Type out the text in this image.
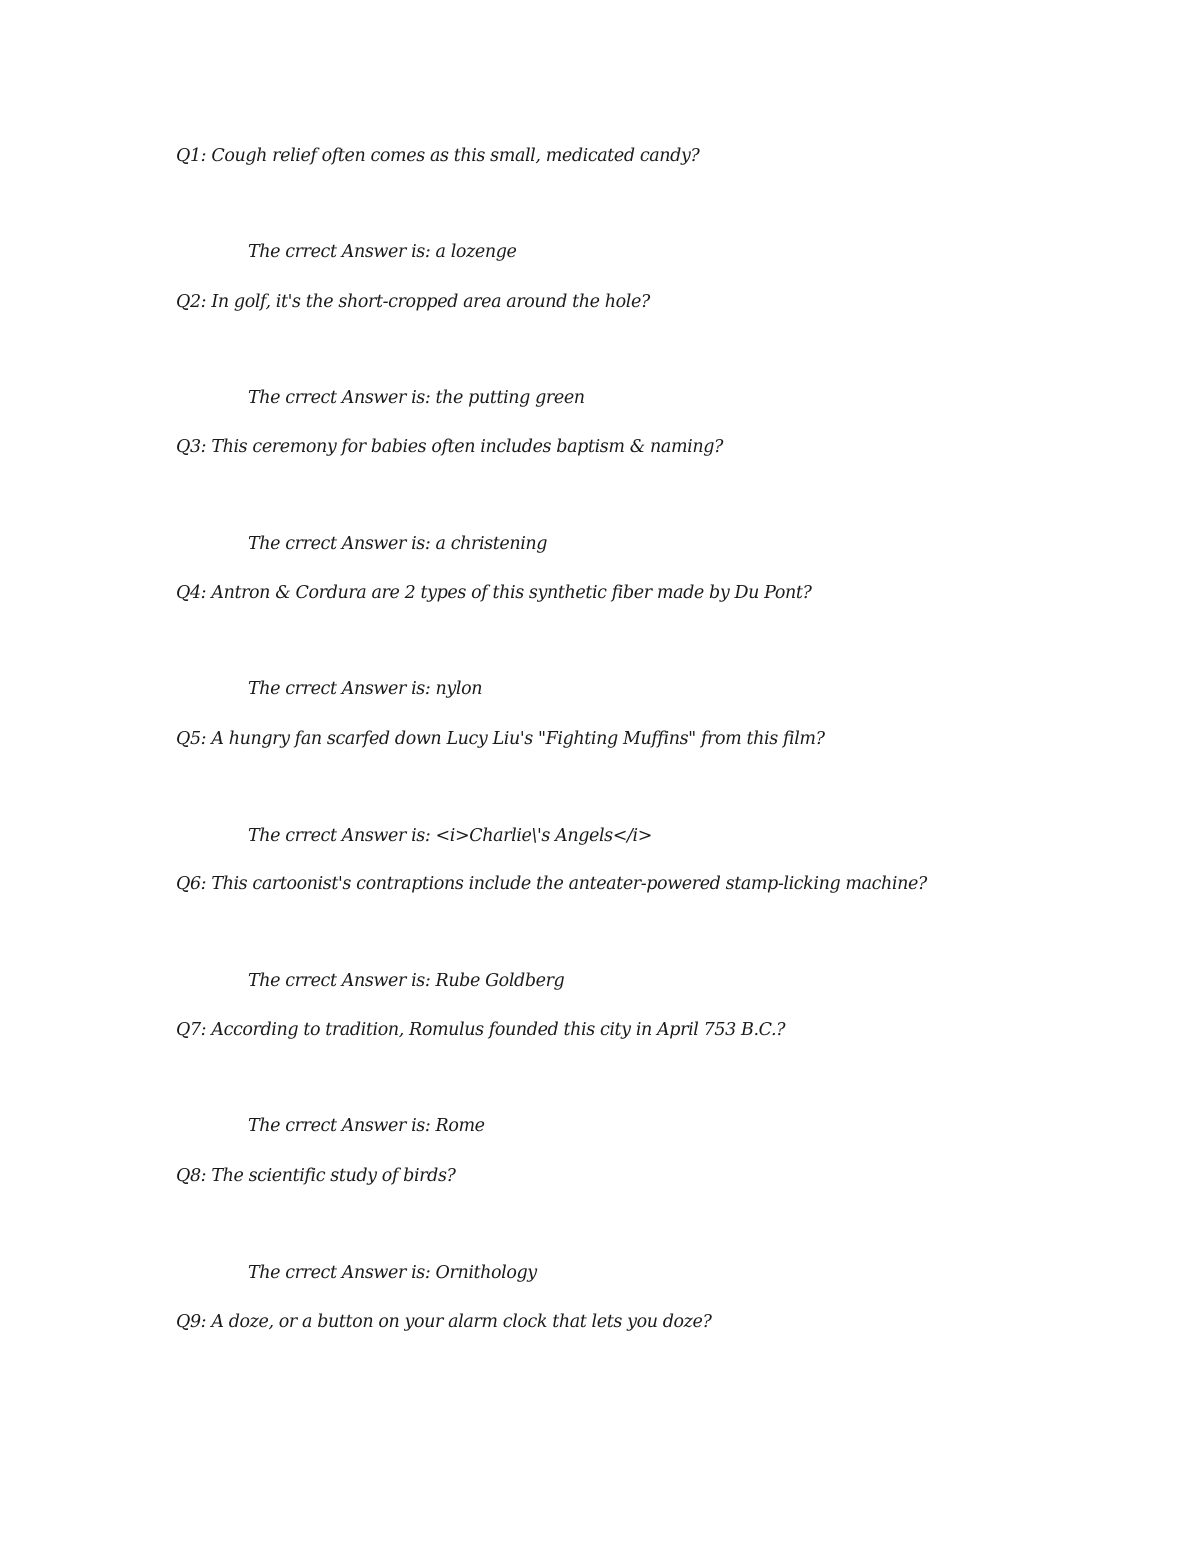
Q1: Cough relief often comes as this small, medicated candy?
The crrect Answer is: a lozenge
Q2: In golf, it's the short-cropped area around the hole?
The crrect Answer is: the putting green
Q3: This ceremony for babies often includes baptism & naming?
The crrect Answer is: a christening
Q4: Antron & Cordura are 2 types of this synthetic fiber made by Du Pont?
The crrect Answer is: nylon
Q5: A hungry fan scarfed down Lucy Liu's "Fighting Muffins" from this film?
The crrect Answer is: <i>Charlie\'s Angels</i>
Q6: This cartoonist's contraptions include the anteater-powered stamp-licking machine?
The crrect Answer is: Rube Goldberg
Q7: According to tradition, Romulus founded this city in April 753 B.C.?
The crrect Answer is: Rome
Q8: The scientific study of birds?
The crrect Answer is: Ornithology
Q9: A doze, or a button on your alarm clock that lets you doze?
